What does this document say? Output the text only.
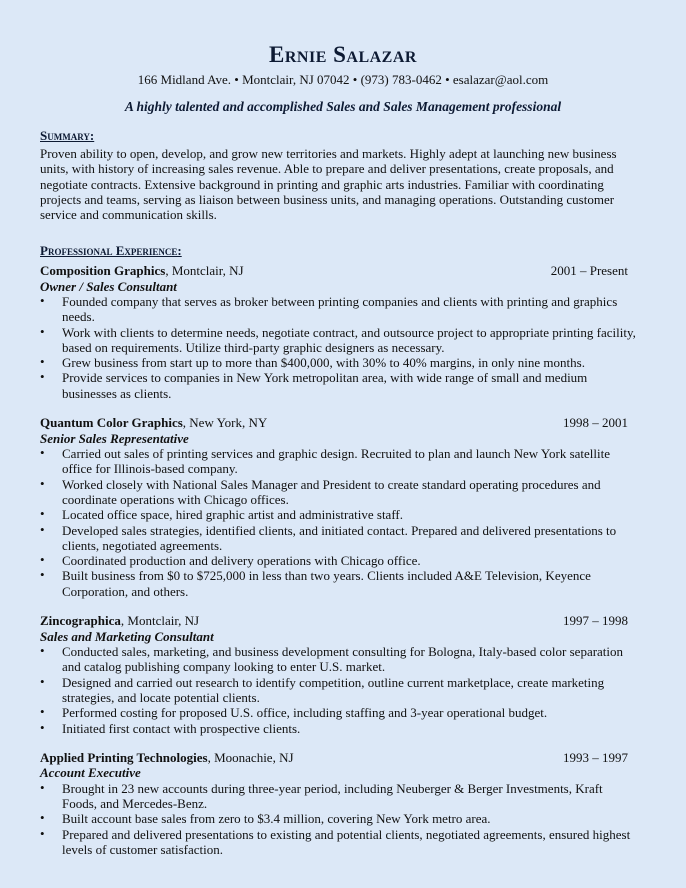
Ernie Salazar
166 Midland Ave. • Montclair, NJ 07042 • (973) 783-0462 • esalazar@aol.com
A highly talented and accomplished Sales and Sales Management professional
Summary:

Proven ability to open, develop, and grow new territories and markets. Highly adept at launching new business units, with history of increasing sales revenue. Able to prepare and deliver presentations, create proposals, and negotiate contracts. Extensive background in printing and graphic arts industries. Familiar with coordinating projects and teams, serving as liaison between business units, and managing operations. Outstanding customer service and communication skills.

Professional Experience:
Composition Graphics, Montclair, NJ	2001 – Present
Owner / Sales Consultant
• Founded company that serves as broker between printing companies and clients with printing and graphics needs.
• Work with clients to determine needs, negotiate contract, and outsource project to appropriate printing facility, based on requirements. Utilize third-party graphic designers as necessary.
• Grew business from start up to more than $400,000, with 30% to 40% margins, in only nine months.
• Provide services to companies in New York metropolitan area, with wide range of small and medium businesses as clients.
Quantum Color Graphics, New York, NY	1998 – 2001
Senior Sales Representative
• Carried out sales of printing services and graphic design. Recruited to plan and launch New York satellite office for Illinois-based company.
• Worked closely with National Sales Manager and President to create standard operating procedures and coordinate operations with Chicago offices.
• Located office space, hired graphic artist and administrative staff.
• Developed sales strategies, identified clients, and initiated contact. Prepared and delivered presentations to clients, negotiated agreements.
• Coordinated production and delivery operations with Chicago office.
• Built business from $0 to $725,000 in less than two years. Clients included A&E Television, Keyence Corporation, and others.
Zincographica, Montclair, NJ	1997 – 1998
Sales and Marketing Consultant
• Conducted sales, marketing, and business development consulting for Bologna, Italy-based color separation and catalog publishing company looking to enter U.S. market.
• Designed and carried out research to identify competition, outline current marketplace, create marketing strategies, and locate potential clients.
• Performed costing for proposed U.S. office, including staffing and 3-year operational budget.
• Initiated first contact with prospective clients.
Applied Printing Technologies, Moonachie, NJ	1993 – 1997
Account Executive
• Brought in 23 new accounts during three-year period, including Neuberger & Berger Investments, Kraft Foods, and Mercedes-Benz.
• Built account base sales from zero to $3.4 million, covering New York metro area.
• Prepared and delivered presentations to existing and potential clients, negotiated agreements, ensured highest levels of customer satisfaction.
